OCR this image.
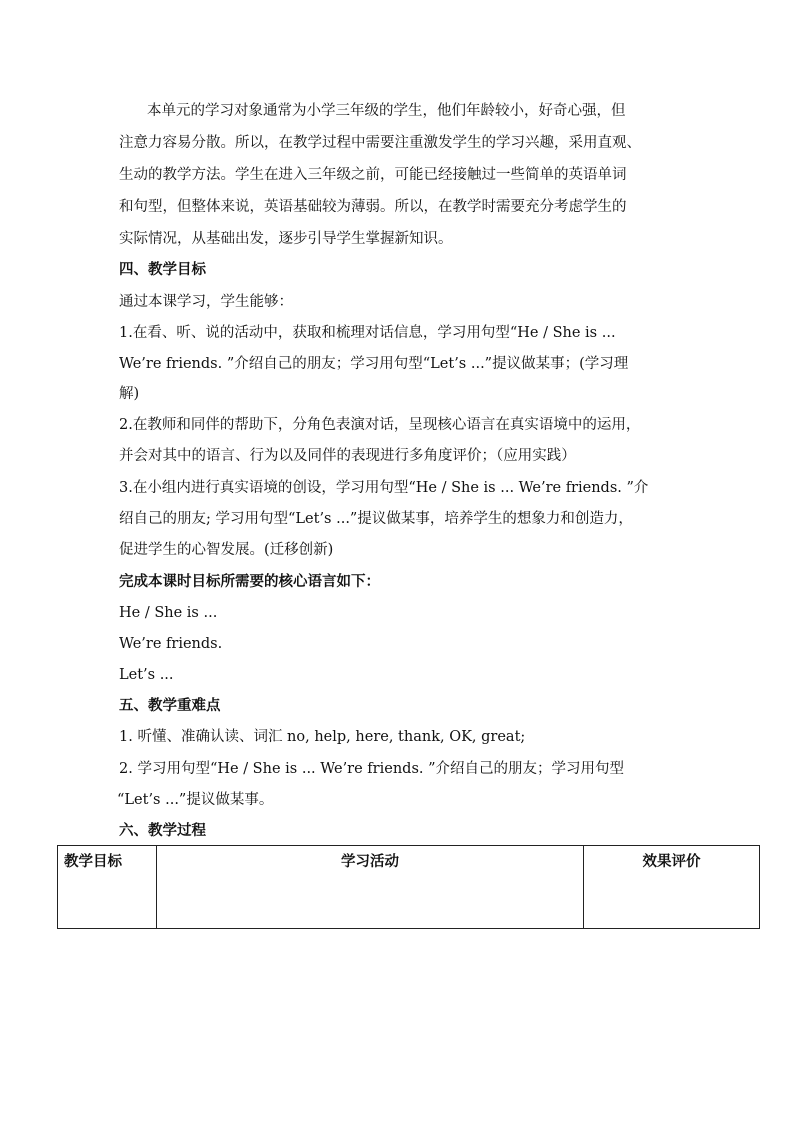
本单元的学习对象通常为小学三年级的学生，他们年龄较小，好奇心强，但
注意力容易分散。所以，在教学过程中需要注重激发学生的学习兴趣，采用直观、
生动的教学方法。学生在进入三年级之前，可能已经接触过一些简单的英语单词
和句型，但整体来说，英语基础较为薄弱。所以，在教学时需要充分考虑学生的
实际情况，从基础出发，逐步引导学生掌握新知识。
四、教学目标
通过本课学习，学生能够：
1.在看、听、说的活动中，获取和梳理对话信息，学习用句型“He / She is ...
We’re friends. ”介绍自己的朋友；学习用句型“Let’s ...”提议做某事；(学习理
解)
2.在教师和同伴的帮助下，分角色表演对话，呈现核心语言在真实语境中的运用，
并会对其中的语言、行为以及同伴的表现进行多角度评价；（应用实践）
3.在小组内进行真实语境的创设，学习用句型“He / She is ... We’re friends. ”介
绍自己的朋友; 学习用句型“Let’s ...”提议做某事，培养学生的想象力和创造力，
促进学生的心智发展。(迁移创新)
完成本课时目标所需要的核心语言如下：
He / She is ...
We’re friends.
Let’s ...
五、教学重难点
1. 听懂、准确认读、词汇 no, help, here, thank, OK, great;
2. 学习用句型“He / She is ... We’re friends. ”介绍自己的朋友；学习用句型
“Let’s ...”提议做某事。
六、教学过程
教学目标	学习活动	效果评价
